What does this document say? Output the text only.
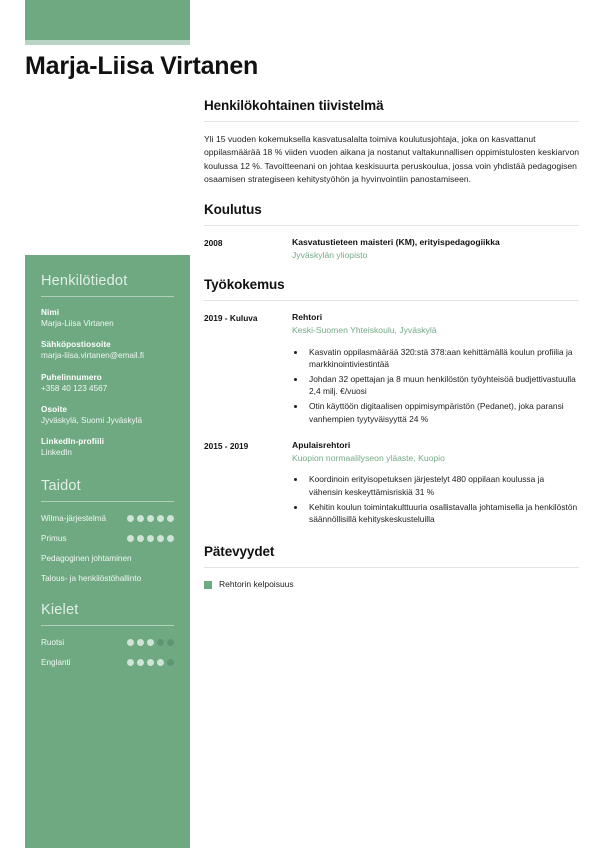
Marja-Liisa Virtanen
Henkilötiedot
Nimi
Marja-Liisa Virtanen
Sähköpostiosoite
marja-liisa.virtanen@email.fi
Puhelinnumero
+358 40 123 4567
Osoite
Jyväskylä, Suomi Jyväskylä
LinkedIn-profiili
LinkedIn
Taidot
Wilma-järjestelmä
Primus
Pedagoginen johtaminen
Talous- ja henkilöstöhallinto
Kielet
Ruotsi
Englanti
Henkilökohtainen tiivistelmä

Yli 15 vuoden kokemuksella kasvatusalalta toimiva koulutusjohtaja, joka on kasvattanut oppilasmäärää 18 % viiden vuoden aikana ja nostanut valtakunnallisen oppimistulosten keskiarvon koulussa 12 %. Tavoitteenani on johtaa keskisuurta peruskoulua, jossa voin yhdistää pedagogisen osaamisen strategiseen kehitystyöhön ja hyvinvointiin panostamiseen.

Koulutus
2008	Kasvatustieteen maisteri (KM), erityispedagogiikka
Jyväskylän yliopisto
Työkokemus
2019 - Kuluva	Rehtori
Keski-Suomen Yhteiskoulu, Jyväskylä
• Kasvatin oppilasmäärää 320:stä 378:aan kehittämällä koulun profiilia ja markkinointiviestintää
• Johdan 32 opettajan ja 8 muun henkilöstön työyhteisöä budjettivastuulla 2,4 milj. €/vuosi
• Otin käyttöön digitaalisen oppimisympäristön (Pedanet), joka paransi vanhempien tyytyväisyyttä 24 %
2015 - 2019	Apulaisrehtori
Kuopion normaalilyseon yläaste, Kuopio
• Koordinoin erityisopetuksen järjestelyt 480 oppilaan koulussa ja vähensin keskeyttämisriskiä 31 %
• Kehitin koulun toimintakulttuuria osallistavalla johtamisella ja henkilöstön säännöllisillä kehityskeskusteluilla
Pätevyydet
Rehtorin kelpoisuus
